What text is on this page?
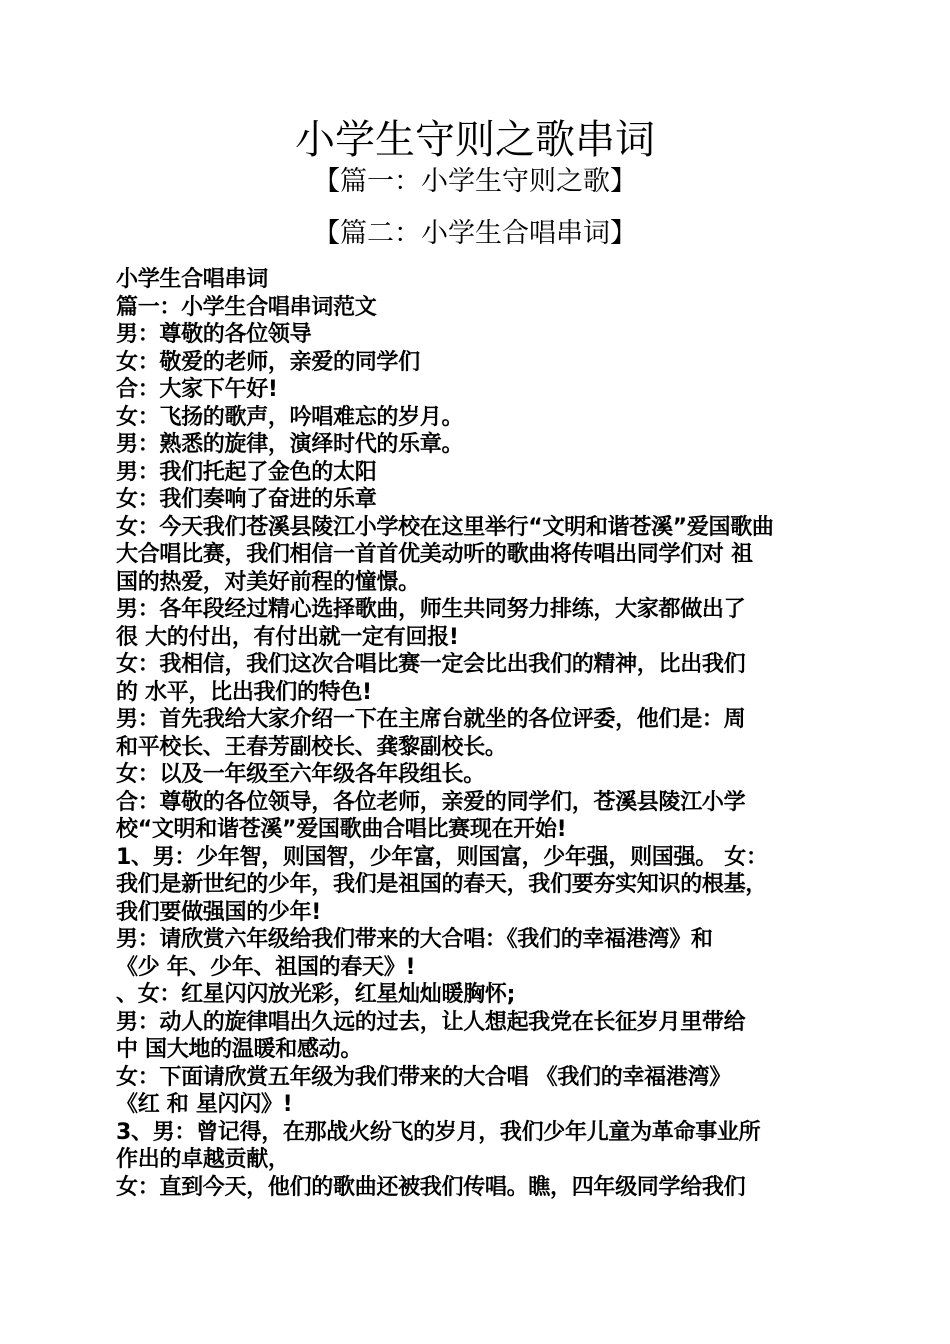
小学生守则之歌串词
【篇一：小学生守则之歌】
【篇二：小学生合唱串词】
小学生合唱串词
篇一：小学生合唱串词范文
男：尊敬的各位领导
女：敬爱的老师，亲爱的同学们
合：大家下午好!
女：飞扬的歌声，吟唱难忘的岁月。
男：熟悉的旋律，演绎时代的乐章。
男：我们托起了金色的太阳
女：我们奏响了奋进的乐章
女：今天我们苍溪县陵江小学校在这里举行“文明和谐苍溪”爱国歌曲
大合唱比赛，我们相信一首首优美动听的歌曲将传唱出同学们对 祖
国的热爱，对美好前程的憧憬。
男：各年段经过精心选择歌曲，师生共同努力排练，大家都做出了
很 大的付出，有付出就一定有回报!
女：我相信，我们这次合唱比赛一定会比出我们的精神，比出我们
的 水平，比出我们的特色!
男：首先我给大家介绍一下在主席台就坐的各位评委，他们是：周
和平校长、王春芳副校长、龚黎副校长。
女：以及一年级至六年级各年段组长。
合：尊敬的各位领导，各位老师，亲爱的同学们，苍溪县陵江小学
校“文明和谐苍溪”爱国歌曲合唱比赛现在开始!
1、男：少年智，则国智，少年富，则国富，少年强，则国强。 女：
我们是新世纪的少年，我们是祖国的春天，我们要夯实知识的根基，
我们要做强国的少年!
男：请欣赏六年级给我们带来的大合唱：《我们的幸福港湾》和
《少 年、少年、祖国的春天》!
、女：红星闪闪放光彩，红星灿灿暖胸怀;
男：动人的旋律唱出久远的过去，让人想起我党在长征岁月里带给
中 国大地的温暖和感动。
女：下面请欣赏五年级为我们带来的大合唱 《我们的幸福港湾》
《红 和 星闪闪》!
3、男：曾记得，在那战火纷飞的岁月，我们少年儿童为革命事业所
作出的卓越贡献，
女：直到今天，他们的歌曲还被我们传唱。瞧，四年级同学给我们
